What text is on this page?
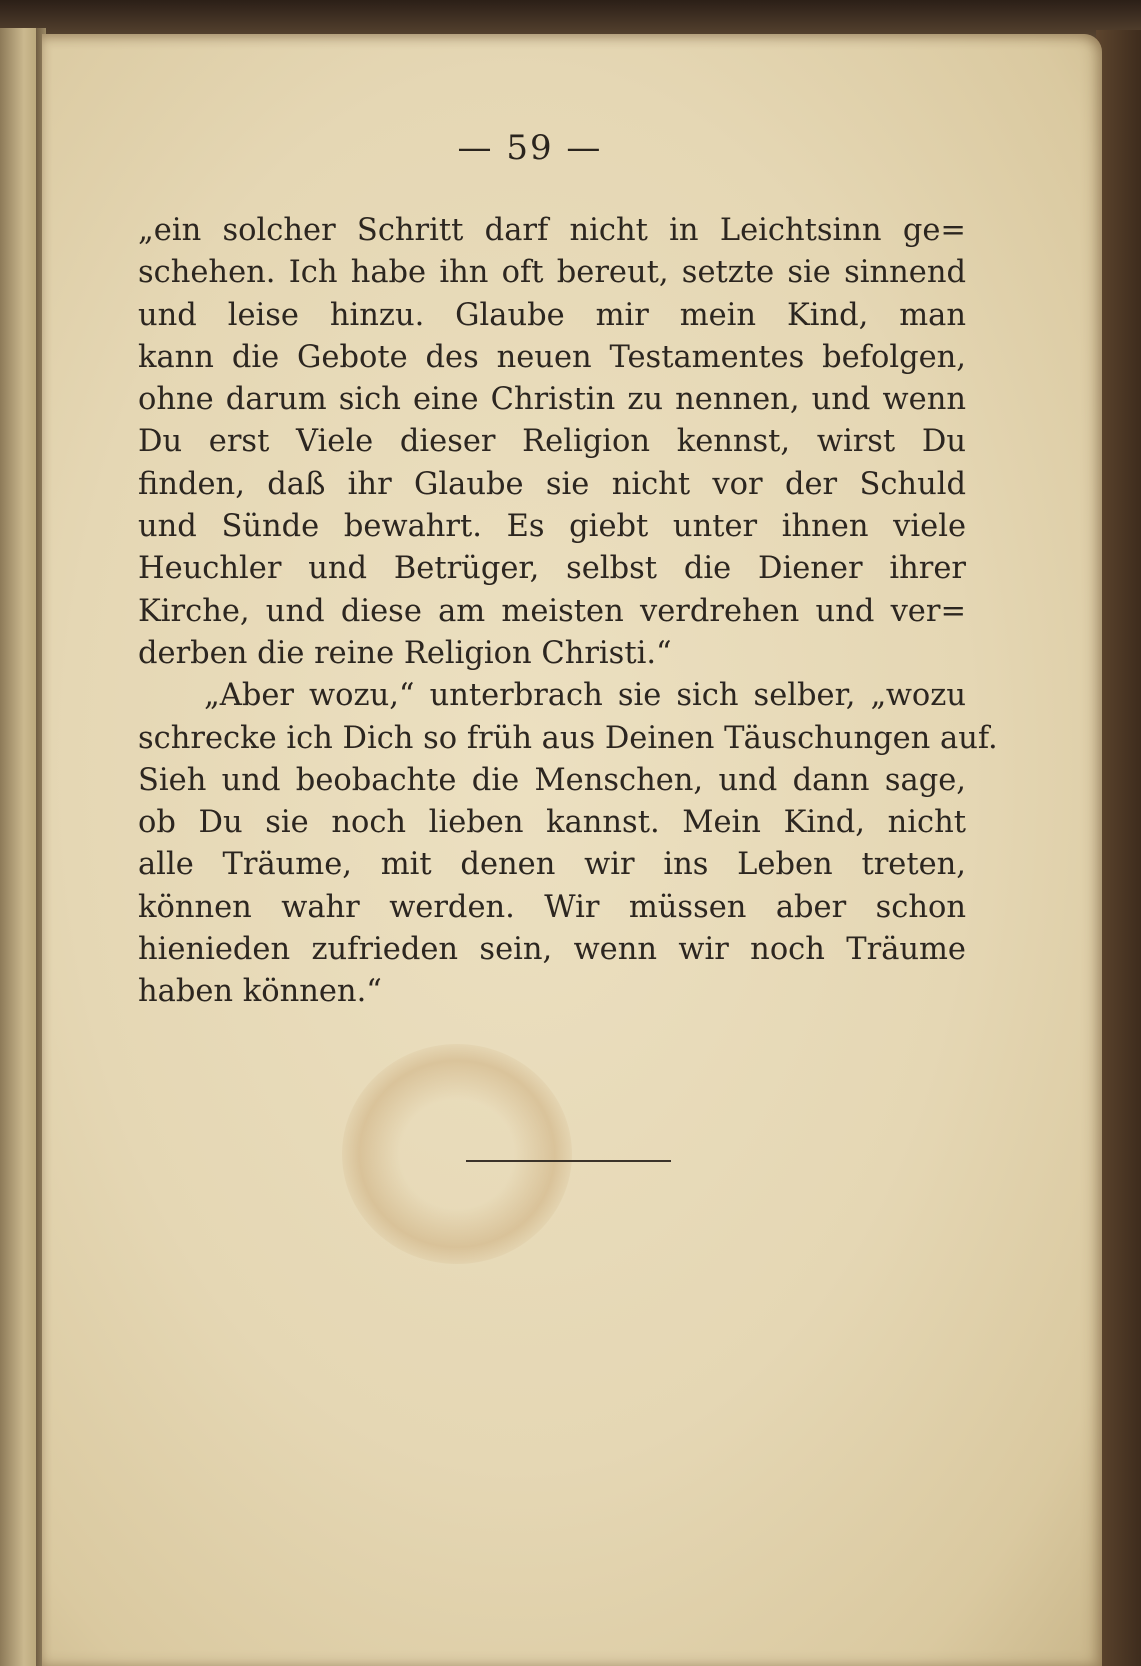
— 59 —
„ein solcher Schritt darf nicht in Leichtsinn ge=
schehen. Ich habe ihn oft bereut, setzte sie sinnend
und leise hinzu. Glaube mir mein Kind, man
kann die Gebote des neuen Testamentes befolgen,
ohne darum sich eine Christin zu nennen, und wenn
Du erst Viele dieser Religion kennst, wirst Du
finden, daß ihr Glaube sie nicht vor der Schuld
und Sünde bewahrt. Es giebt unter ihnen viele
Heuchler und Betrüger, selbst die Diener ihrer
Kirche, und diese am meisten verdrehen und ver=
derben die reine Religion Christi.“
„Aber wozu,“ unterbrach sie sich selber, „wozu
schrecke ich Dich so früh aus Deinen Täuschungen auf.
Sieh und beobachte die Menschen, und dann sage,
ob Du sie noch lieben kannst. Mein Kind, nicht
alle Träume, mit denen wir ins Leben treten,
können wahr werden. Wir müssen aber schon
hienieden zufrieden sein, wenn wir noch Träume
haben können.“
